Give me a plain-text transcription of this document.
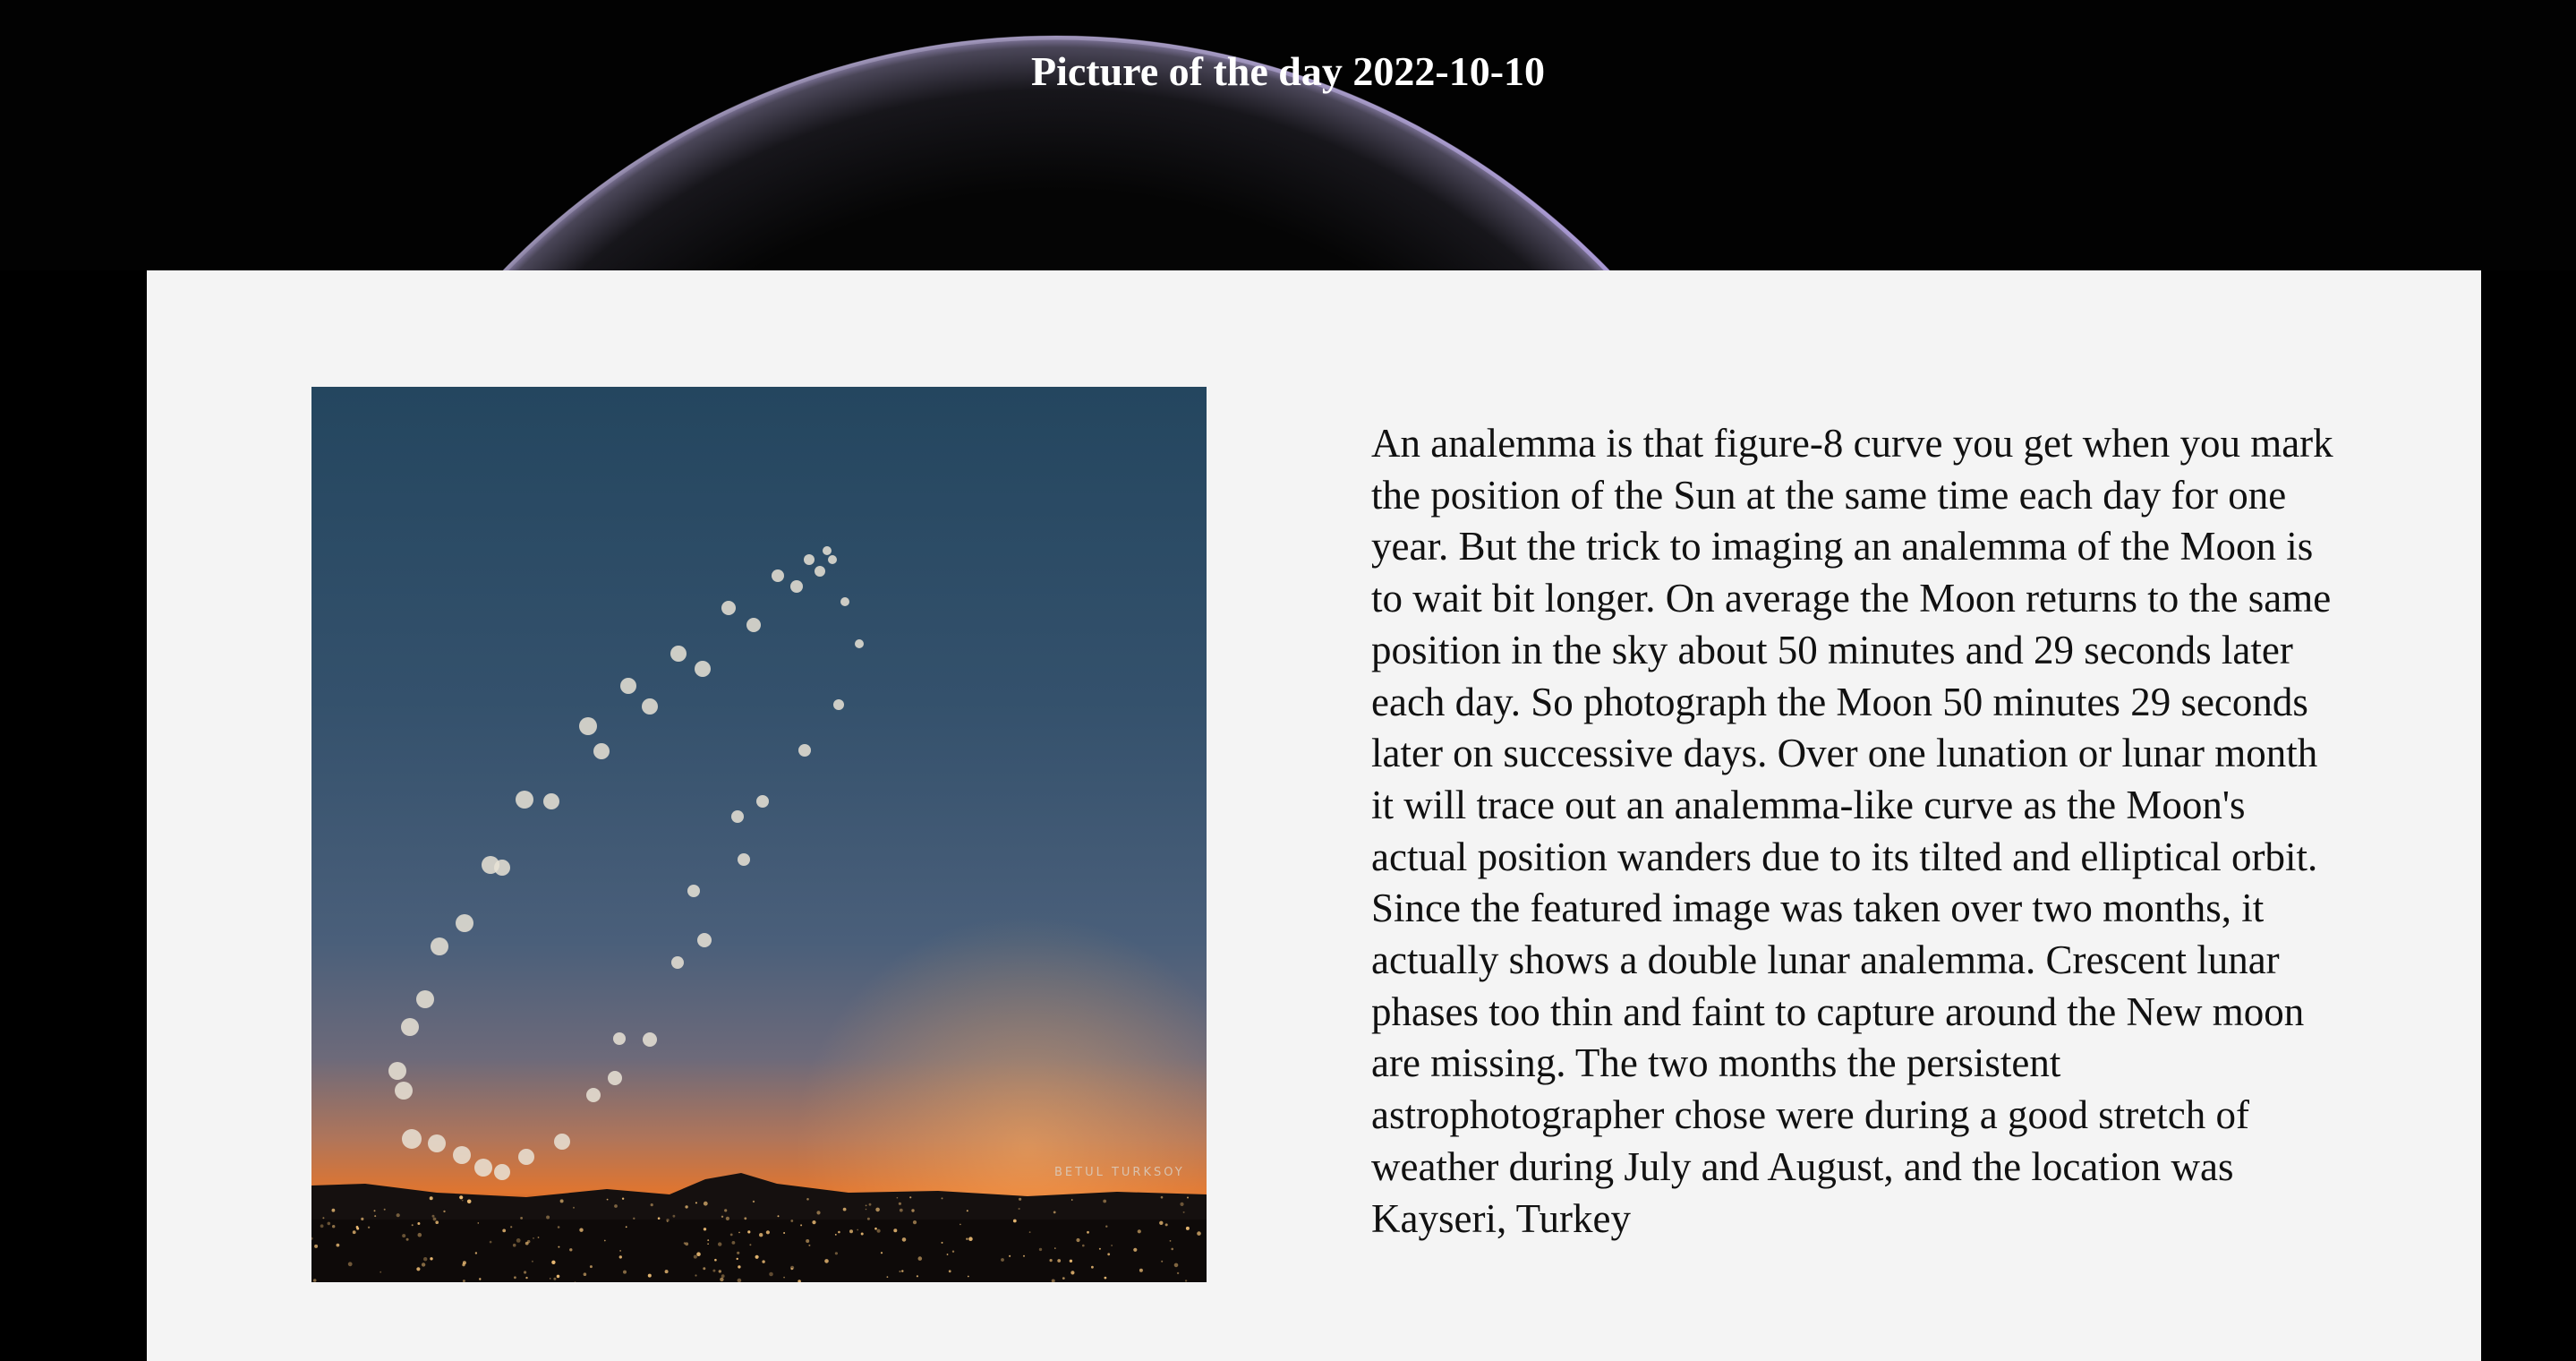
Picture of the day 2022-10-10
BETUL TURKSOY

An analemma is that figure-8 curve you get when you mark the position of the Sun at the same time each day for one year. But the trick to imaging an analemma of the Moon is to wait bit longer. On average the Moon returns to the same position in the sky about 50 minutes and 29 seconds later each day. So photograph the Moon 50 minutes 29 seconds later on successive days. Over one lunation or lunar month it will trace out an analemma-like curve as the Moon's actual position wanders due to its tilted and elliptical orbit. Since the featured image was taken over two months, it actually shows a double lunar analemma. Crescent lunar phases too thin and faint to capture around the New moon are missing. The two months the persistent astrophotographer chose were during a good stretch of weather during July and August, and the location was Kayseri, Turkey
